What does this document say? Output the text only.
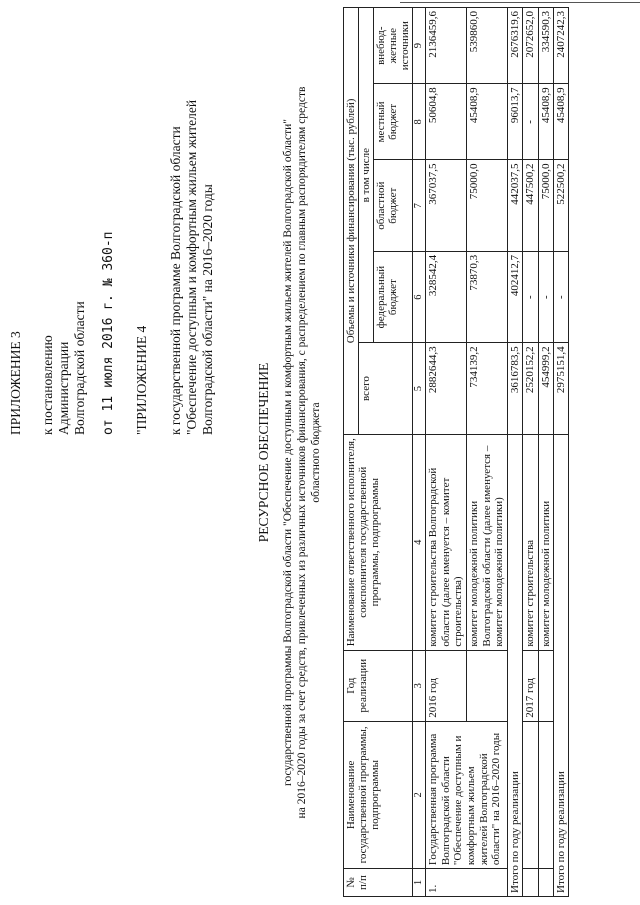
ПРИЛОЖЕНИЕ 3 к постановлению Администрации Волгоградской области от 11 июля 2016 г. № 360-п "ПРИЛОЖЕНИЕ 4 к государственной программе Волгоградской области "Обеспечение доступным и комфортным жильем жителей Волгоградской области" на 2016–2020 годы
РЕСУРСНОЕ ОБЕСПЕЧЕНИЕ государственной программы Волгоградской области "Обеспечение доступным и комфортным жильем жителей Волгоградской области" на 2016–2020 годы за счет средств, привлеченных из различных источников финансирования, с распределением по главным распорядителям средств областного бюджета
№ п/п	Наименование государственной программы, подпрограммы	Год реализации	Наименование ответственного исполнителя, соисполнителя государственной программы, подпрограммы	Объемы и источники финансирования (тыс. рублей)				
				всего	в том числе			
					федеральный бюджет	областной бюджет	местный бюджет	внебюд-жетные источники
1	2	3	4	5	6	7	8	9
1.	Государственная программа Волгоградской области "Обеспечение доступным и комфортным жильем жителей Волгоградской области" на 2016–2020 годы	2016 год	комитет строительства Волгоградской области (далее именуется – комитет строительства)	2882644,3	328542,4	367037,5	50604,8	2136459,6
			комитет молодежной политики Волгоградской области (далее именуется – комитет молодежной политики)	734139,2	73870,3	75000,0	45408,9	539860,0
Итого по году реализации				3616783,5	402412,7	442037,5	96013,7	2676319,6
		2017 год	комитет строительства	2520152,2	-	447500,2	-	2072652,0
			комитет молодежной политики	454999,2	-	75000,0	45408,9	334590,3
Итого по году реализации				2975151,4	-	522500,2	45408,9	2407242,3
